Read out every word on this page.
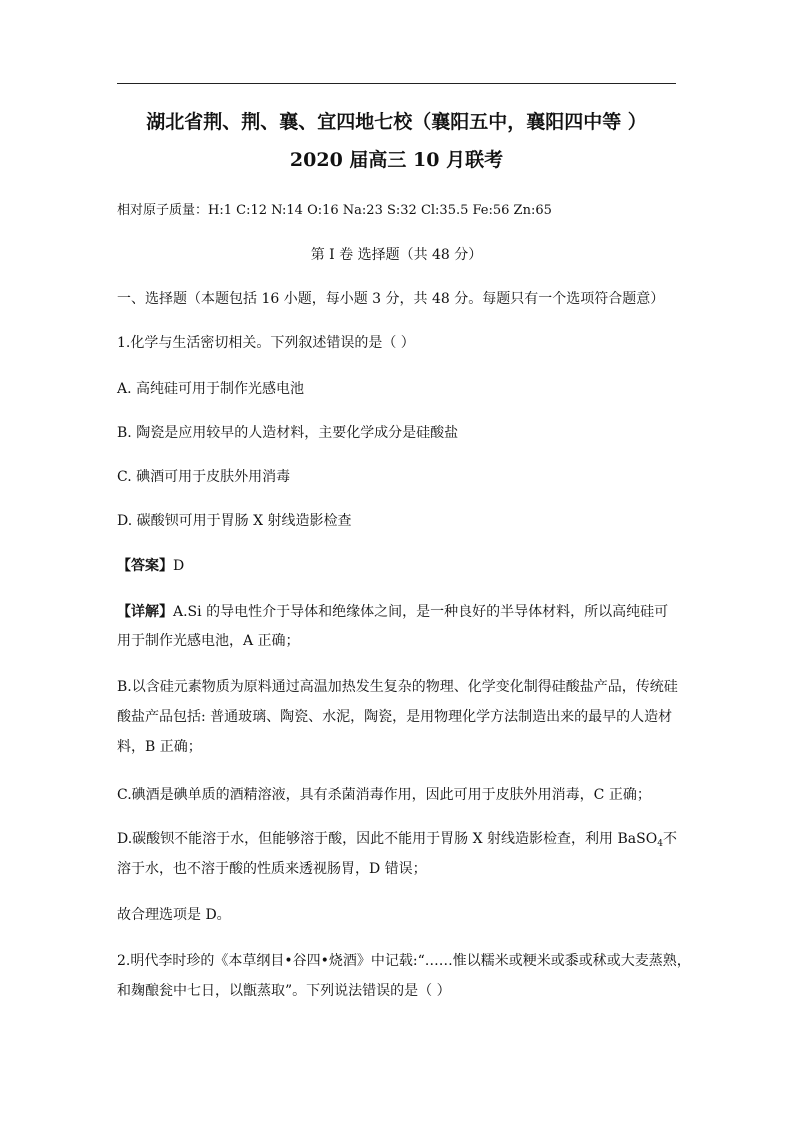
湖北省荆、荆、襄、宜四地七校（襄阳五中，襄阳四中等 ）
2020 届高三 10 月联考
相对原子质量：H:1 C:12 N:14 O:16 Na:23 S:32 Cl:35.5 Fe:56 Zn:65
第 I 卷 选择题（共 48 分）
一、选择题（本题包括 16 小题，每小题 3 分，共 48 分。每题只有一个选项符合题意）
1.化学与生活密切相关。下列叙述错误的是（ ）
A. 高纯硅可用于制作光感电池
B. 陶瓷是应用较早的人造材料，主要化学成分是硅酸盐
C. 碘酒可用于皮肤外用消毒
D. 碳酸钡可用于胃肠 X 射线造影检查
【答案】D
【详解】A.Si 的导电性介于导体和绝缘体之间，是一种良好的半导体材料，所以高纯硅可
用于制作光感电池，A 正确；
B.以含硅元素物质为原料通过高温加热发生复杂的物理、化学变化制得硅酸盐产品，传统硅
酸盐产品包括: 普通玻璃、陶瓷、水泥，陶瓷，是用物理化学方法制造出来的最早的人造材
料，B 正确；
C.碘酒是碘单质的酒精溶液，具有杀菌消毒作用，因此可用于皮肤外用消毒，C 正确；
D.碳酸钡不能溶于水，但能够溶于酸，因此不能用于胃肠 X 射线造影检查，利用 BaSO$_4$不
溶于水，也不溶于酸的性质来透视肠胃，D 错误；
故合理选项是 D。
2.明代李时珍的《本草纲目•谷四•烧酒》中记载:“……惟以糯米或粳米或黍或秫或大麦蒸熟，
和麹酿瓮中七日，以甑蒸取”。下列说法错误的是（ ）
